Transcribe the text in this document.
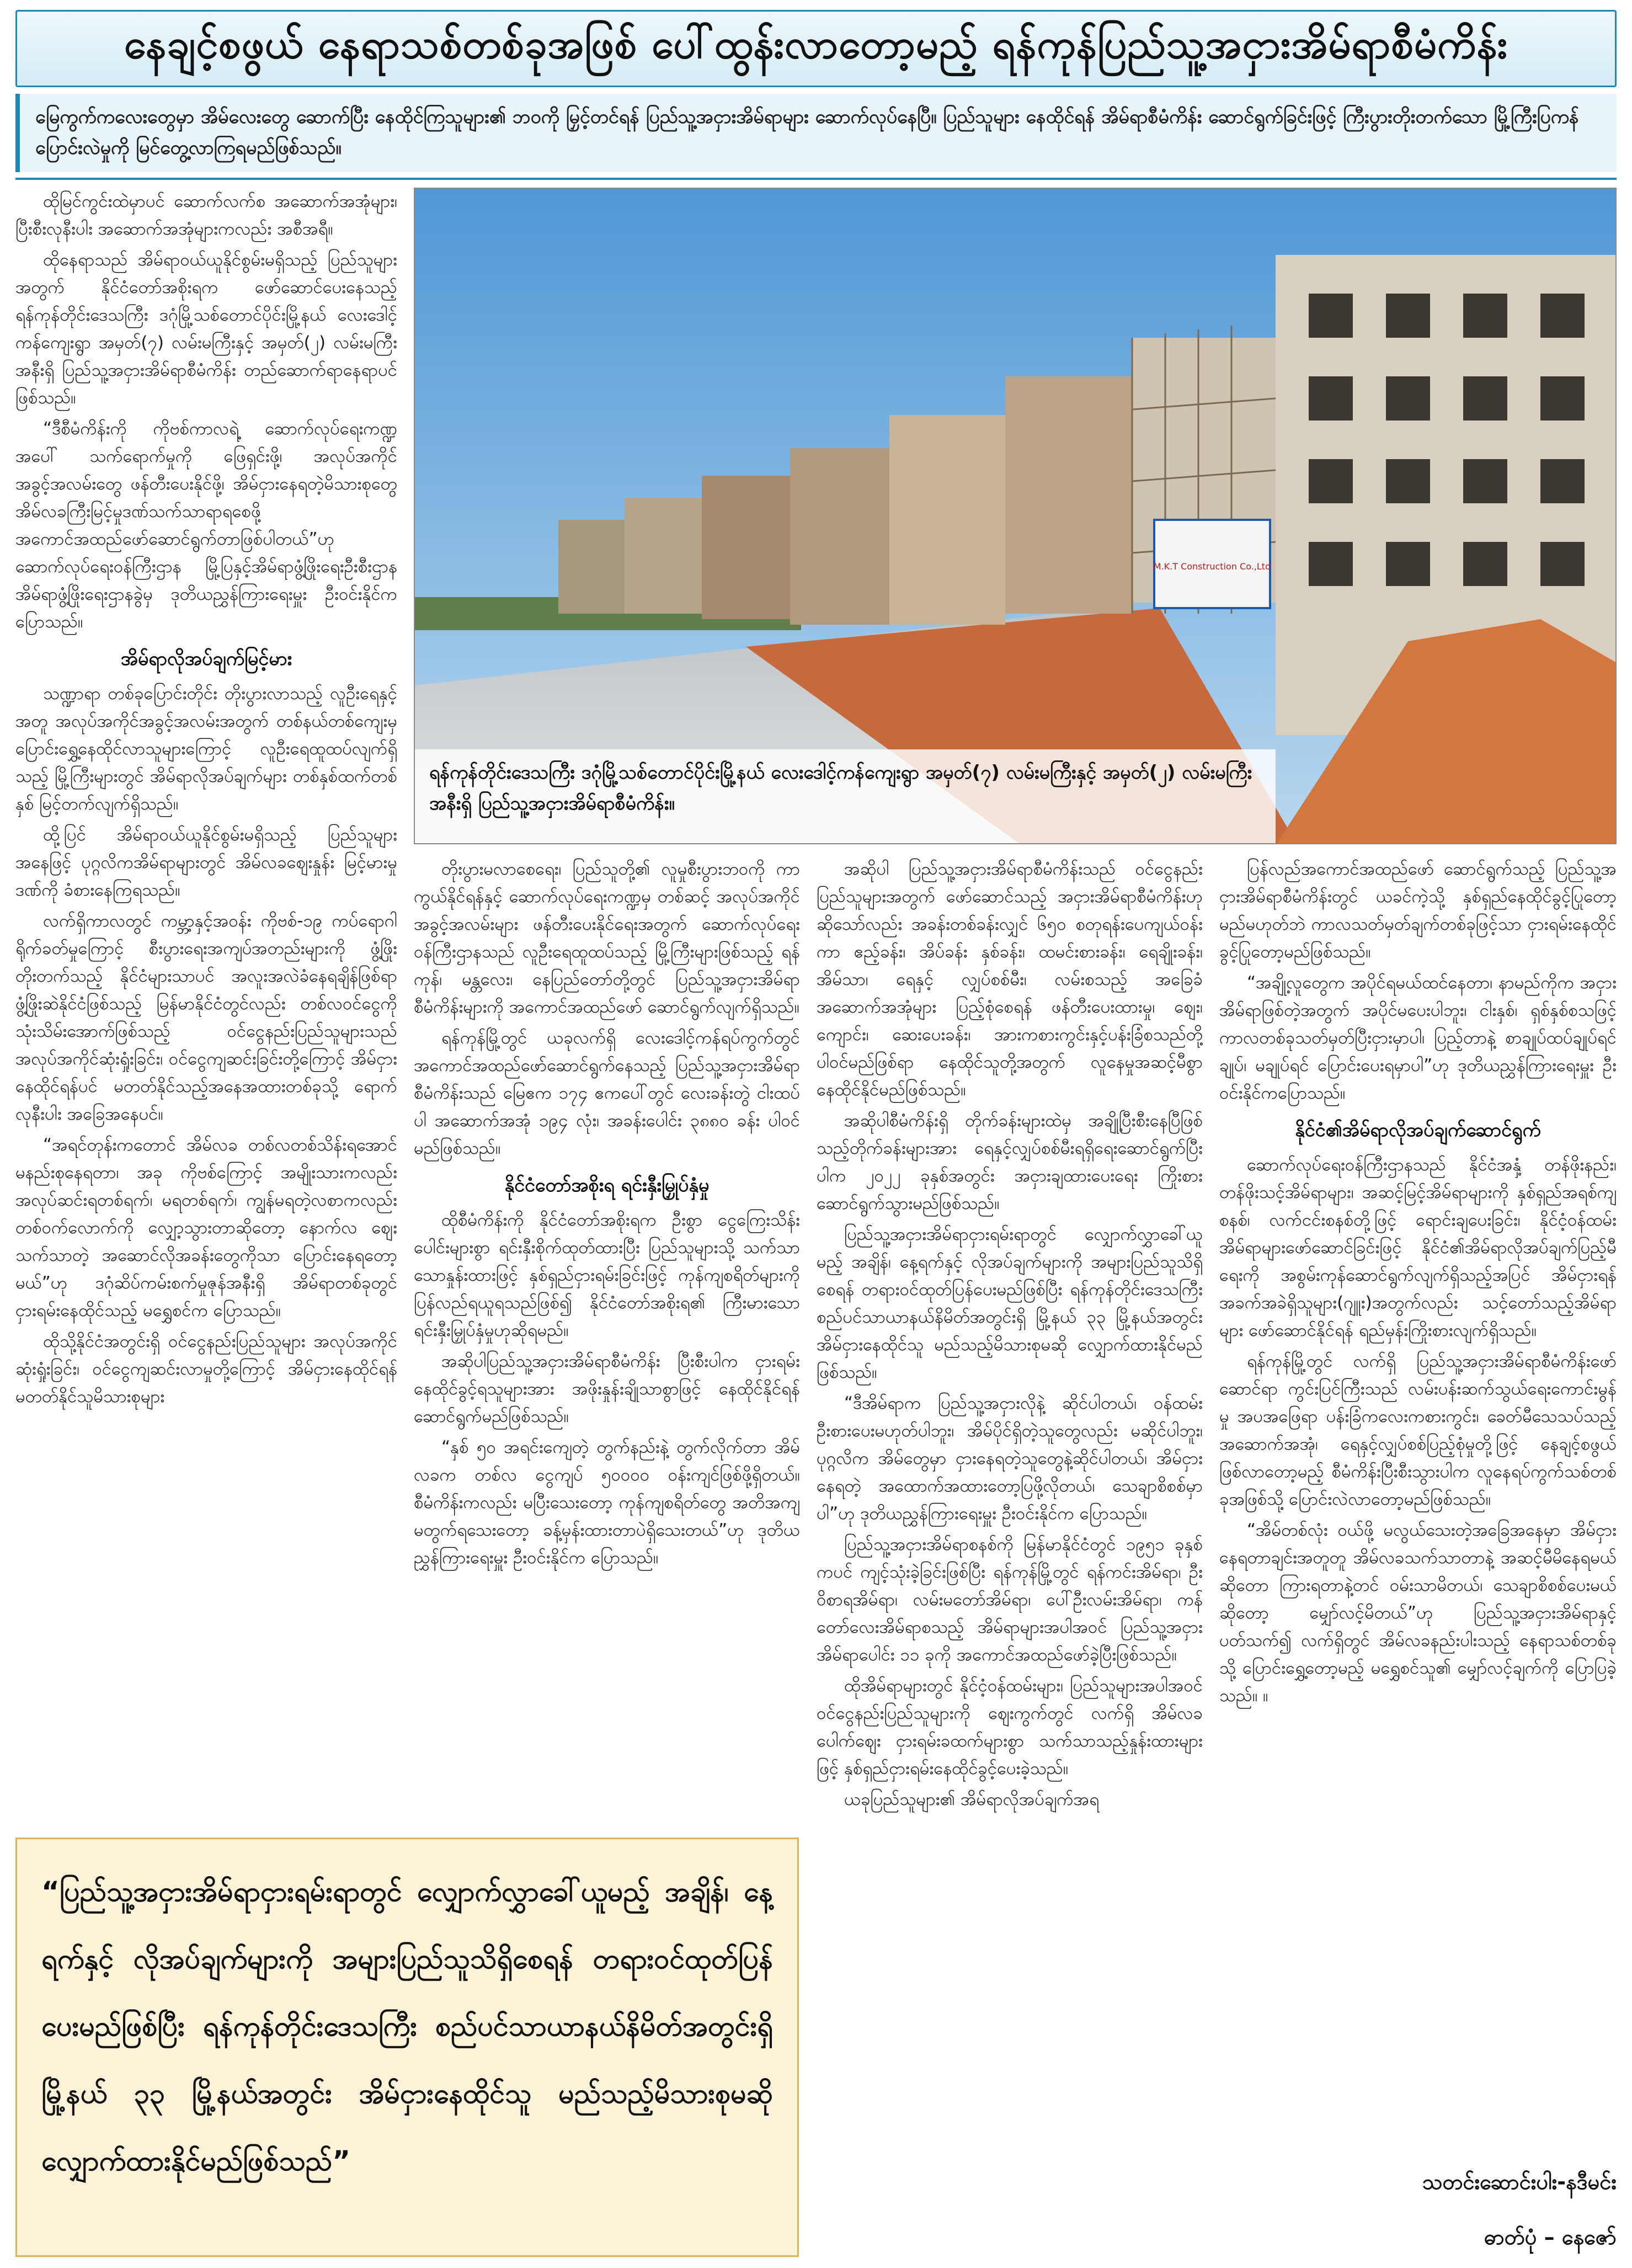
နေချင့်စဖွယ် နေရာသစ်တစ်ခုအဖြစ် ပေါ်ထွန်းလာတော့မည့် ရန်ကုန်ပြည်သူ့အငှားအိမ်ရာစီမံကိန်း
မြေကွက်ကလေးတွေမှာ အိမ်လေးတွေ ဆောက်ပြီး နေထိုင်ကြသူများ၏ ဘဝကို မြှင့်တင်ရန် ပြည်သူ့အငှားအိမ်ရာများ ဆောက်လုပ်နေပြီ။ ပြည်သူများ နေထိုင်ရန် အိမ်ရာစီမံကိန်း ဆောင်ရွက်ခြင်းဖြင့် ကြီးပွားတိုးတက်သော မြို့ကြီးပြကန်ပြောင်းလဲမှုကို မြင်တွေ့လာကြရမည်ဖြစ်သည်။

ထိုမြင်ကွင်းထဲမှာပင် ဆောက်လက်စ အဆောက်အအုံများ၊ ပြီးစီးလုနီးပါး အဆောက်အအုံများကလည်း အစီအရီ။

ထိုနေရာသည် အိမ်ရာဝယ်ယူနိုင်စွမ်းမရှိသည့် ပြည်သူများအတွက် နိုင်ငံတော်အစိုးရက ဖော်ဆောင်ပေးနေသည့် ရန်ကုန်တိုင်းဒေသကြီး ဒဂုံမြို့သစ်တောင်ပိုင်းမြို့နယ် လေးဒေါင့်ကန်ကျေးရွာ အမှတ်(၇) လမ်းမကြီးနှင့် အမှတ်(၂) လမ်းမကြီးအနီးရှိ ပြည်သူ့အငှားအိမ်ရာစီမံကိန်း တည်ဆောက်ရာနေရာပင်ဖြစ်သည်။

“ဒီစီမံကိန်းကို ကိုဗစ်ကာလရဲ့ ဆောက်လုပ်ရေးကဏ္ဍအပေါ် သက်ရောက်မှုကို ဖြေရှင်းဖို့၊ အလုပ်အကိုင်အခွင့်အလမ်းတွေ ဖန်တီးပေးနိုင်ဖို့၊ အိမ်ငှားနေရတဲ့မိသားစုတွေ အိမ်လခကြီးမြင့်မှုဒဏ်သက်သာရာရစေဖို့ အကောင်အထည်ဖော်ဆောင်ရွက်တာဖြစ်ပါတယ်”ဟု ဆောက်လုပ်ရေးဝန်ကြီးဌာန မြို့ပြနှင့်အိမ်ရာဖွံ့ဖြိုးရေးဦးစီးဌာန အိမ်ရာဖွံ့ဖြိုးရေးဌာနခွဲမှ ဒုတိယညွှန်ကြားရေးမှူး ဦးဝင်းနိုင်က ပြောသည်။

အိမ်ရာလိုအပ်ချက်မြင့်မား

သဏ္ဍာရာ တစ်ခုပြောင်းတိုင်း တိုးပွားလာသည့် လူဦးရေနှင့်အတူ အလုပ်အကိုင်အခွင့်အလမ်းအတွက် တစ်နယ်တစ်ကျေးမှ ပြောင်းရွှေ့နေထိုင်လာသူများကြောင့် လူဦးရေထူထပ်လျက်ရှိသည့် မြို့ကြီးများတွင် အိမ်ရာလိုအပ်ချက်များ တစ်နှစ်ထက်တစ်နှစ် မြင့်တက်လျက်ရှိသည်။

ထို့ပြင် အိမ်ရာဝယ်ယူနိုင်စွမ်းမရှိသည့် ပြည်သူများအနေဖြင့် ပုဂ္ဂလိကအိမ်ရာများတွင် အိမ်လခဈေးနှုန်း မြင့်မားမှုဒဏ်ကို ခံစားနေကြရသည်။

လက်ရှိကာလတွင် ကမ္ဘာ့နှင့်အဝန်း ကိုဗစ်-၁၉ ကပ်ရောဂါရိုက်ခတ်မှုကြောင့် စီးပွားရေးအကျပ်အတည်းများကို ဖွံ့ဖြိုးတိုးတက်သည့် နိုင်ငံများသာပင် အလူးအလဲခံနေရချိန်ဖြစ်ရာ ဖွံ့ဖြိုးဆဲနိုင်ငံဖြစ်သည့် မြန်မာနိုင်ငံတွင်လည်း တစ်လဝင်ငွေကိုသုံးသိမ်းအောက်ဖြစ်သည့် ဝင်ငွေနည်းပြည်သူများသည် အလုပ်အကိုင်ဆုံးရှုံးခြင်း၊ ဝင်ငွေကျဆင်းခြင်းတို့ကြောင့် အိမ်ငှားနေထိုင်ရန်ပင် မတတ်နိုင်သည့်အနေအထားတစ်ခုသို့ ရောက်လုနီးပါး အခြေအနေပင်။

“အရင်တုန်းကတောင် အိမ်လခ တစ်လတစ်သိန်းရအောင် မနည်းစုနေရတာ၊ အခု ကိုဗစ်ကြောင့် အမျိုးသားကလည်း အလုပ်ဆင်းရတစ်ရက်၊ မရတစ်ရက်၊ ကျွန်မရတဲ့လစာကလည်း တစ်ဝက်လောက်ကို လျှော့သွားတာဆိုတော့ နောက်လ ဈေးသက်သာတဲ့ အဆောင်လိုအခန်းတွေကိုသာ ပြောင်းနေရတော့မယ်”ဟု ဒဂုံဆိပ်ကမ်းစက်မှုဇုန်အနီးရှိ အိမ်ရာတစ်ခုတွင် ငှားရမ်းနေထိုင်သည့် မရွှေစင်က ပြောသည်။

ထိုသို့နိုင်ငံအတွင်းရှိ ဝင်ငွေနည်းပြည်သူများ အလုပ်အကိုင်ဆုံးရှုံးခြင်း၊ ဝင်ငွေကျဆင်းလာမှုတို့ကြောင့် အိမ်ငှားနေထိုင်ရန် မတတ်နိုင်သူမိသားစုများ

M.K.T Construction Co.,Ltd
ရန်ကုန်တိုင်းဒေသကြီး ဒဂုံမြို့သစ်တောင်ပိုင်းမြို့နယ် လေးဒေါင့်ကန်ကျေးရွာ အမှတ်(၇) လမ်းမကြီးနှင့် အမှတ်(၂) လမ်းမကြီးအနီးရှိ ပြည်သူ့အငှားအိမ်ရာစီမံကိန်း။

တိုးပွားမလာစေရေး၊ ပြည်သူတို့၏ လူမှုစီးပွားဘဝကို ကာကွယ်နိုင်ရန်နှင့် ဆောက်လုပ်ရေးကဏ္ဍမှ တစ်ဆင့် အလုပ်အကိုင်အခွင့်အလမ်းများ ဖန်တီးပေးနိုင်ရေးအတွက် ဆောက်လုပ်ရေးဝန်ကြီးဌာနသည် လူဦးရေထူထပ်သည့် မြို့ကြီးများဖြစ်သည့် ရန်ကုန်၊ မန္တလေး၊ နေပြည်တော်တို့တွင် ပြည်သူ့အငှားအိမ်ရာစီမံကိန်းများကို အကောင်အထည်ဖော် ဆောင်ရွက်လျက်ရှိသည်။

ရန်ကုန်မြို့တွင် ယခုလက်ရှိ လေးဒေါင့်ကန်ရပ်ကွက်တွင် အကောင်အထည်ဖော်ဆောင်ရွက်နေသည့် ပြည်သူ့အငှားအိမ်ရာစီမံကိန်းသည် မြေဧက ၁၇၄ ဧကပေါ်တွင် လေးခန်းတွဲ ငါးထပ်ပါ အဆောက်အအုံ ၁၉၄ လုံး၊ အခန်းပေါင်း ၃၈၈၀ ခန်း ပါဝင်မည်ဖြစ်သည်။

နိုင်ငံတော်အစိုးရ ရင်းနှီးမြှုပ်နှံမှု

ထိုစီမံကိန်းကို နိုင်ငံတော်အစိုးရက ဦးစွာ ငွေကြေးသိန်းပေါင်းများစွာ ရင်းနှီးစိုက်ထုတ်ထားပြီး ပြည်သူများသို့ သက်သာသောနှုန်းထားဖြင့် နှစ်ရှည်ငှားရမ်းခြင်းဖြင့် ကုန်ကျစရိတ်များကို ပြန်လည်ရယူရသည်ဖြစ်၍ နိုင်ငံတော်အစိုးရ၏ ကြီးမားသော ရင်းနှီးမြှုပ်နှံမှုဟုဆိုရမည်။

အဆိုပါပြည်သူ့အငှားအိမ်ရာစီမံကိန်း ပြီးစီးပါက ငှားရမ်းနေထိုင်ခွင့်ရသူများအား အဖိုးနှုန်းချိုသာစွာဖြင့် နေထိုင်နိုင်ရန် ဆောင်ရွက်မည်ဖြစ်သည်။

“နှစ် ၅၀ အရင်းကျေတဲ့ တွက်နည်းနဲ့ တွက်လိုက်တာ အိမ်လခက တစ်လ ငွေကျပ် ၅၀၀၀၀ ဝန်းကျင်ဖြစ်ဖို့ရှိတယ်။ စီမံကိန်းကလည်း မပြီးသေးတော့ ကုန်ကျစရိတ်တွေ အတိအကျမတွက်ရသေးတော့ ခန့်မှန်းထားတာပဲရှိသေးတယ်”ဟု ဒုတိယညွှန်ကြားရေးမှူး ဦးဝင်းနိုင်က ပြောသည်။

အဆိုပါ ပြည်သူ့အငှားအိမ်ရာစီမံကိန်းသည် ဝင်ငွေနည်းပြည်သူများအတွက် ဖော်ဆောင်သည့် အငှားအိမ်ရာစီမံကိန်းဟုဆိုသော်လည်း အခန်းတစ်ခန်းလျှင် ၆၅၀ စတုရန်းပေကျယ်ဝန်းကာ ဧည့်ခန်း၊ အိပ်ခန်း နှစ်ခန်း၊ ထမင်းစားခန်း၊ ရေချိုးခန်း၊ အိမ်သာ၊ ရေနှင့် လျှပ်စစ်မီး၊ လမ်းစသည့် အခြေခံအဆောက်အအုံများ ပြည့်စုံစေရန် ဖန်တီးပေးထားမှု၊ ဈေး၊ ကျောင်း၊ ဆေးပေးခန်း၊ အားကစားကွင်းနှင့်ပန်းခြံစသည်တို့ ပါဝင်မည်ဖြစ်ရာ နေထိုင်သူတို့အတွက် လူနေမှုအဆင့်မီစွာ နေထိုင်နိုင်မည်ဖြစ်သည်။

အဆိုပါစီမံကိန်းရှိ တိုက်ခန်းများထဲမှ အချို့ပြီးစီးနေပြီဖြစ်သည့်တိုက်ခန်းများအား ရေနှင့်လျှပ်စစ်မီးရရှိရေးဆောင်ရွက်ပြီးပါက ၂၀၂၂ ခုနှစ်အတွင်း အငှားချထားပေးရေး ကြိုးစားဆောင်ရွက်သွားမည်ဖြစ်သည်။

ပြည်သူ့အငှားအိမ်ရာငှားရမ်းရာတွင် လျှောက်လွှာခေါ်ယူမည့် အချိန်၊ နေ့ရက်နှင့် လိုအပ်ချက်များကို အများပြည်သူသိရှိစေရန် တရားဝင်ထုတ်ပြန်ပေးမည်ဖြစ်ပြီး ရန်ကုန်တိုင်းဒေသကြီး စည်ပင်သာယာနယ်နိမိတ်အတွင်းရှိ မြို့နယ် ၃၃ မြို့နယ်အတွင်း အိမ်ငှားနေထိုင်သူ မည်သည့်မိသားစုမဆို လျှောက်ထားနိုင်မည်ဖြစ်သည်။

“ဒီအိမ်ရာက ပြည်သူ့အငှားလိုနဲ့ ဆိုင်ပါတယ်၊ ဝန်ထမ်းဦးစားပေးမဟုတ်ပါဘူး၊ အိမ်ပိုင်ရှိတဲ့သူတွေလည်း မဆိုင်ပါဘူး၊ ပုဂ္ဂလိက အိမ်တွေမှာ ငှားနေရတဲ့သူတွေနဲ့ဆိုင်ပါတယ်၊ အိမ်ငှားနေရတဲ့ အထောက်အထားတော့ပြဖို့လိုတယ်၊ သေချာစိစစ်မှာပါ”ဟု ဒုတိယညွှန်ကြားရေးမှူး ဦးဝင်းနိုင်က ပြောသည်။

ပြည်သူ့အငှားအိမ်ရာစနစ်ကို မြန်မာနိုင်ငံတွင် ၁၉၅၁ ခုနှစ်ကပင် ကျင့်သုံးခဲ့ခြင်းဖြစ်ပြီး ရန်ကုန်မြို့တွင် ရန်ကင်းအိမ်ရာ၊ ဦးဝိစာရအိမ်ရာ၊ လမ်းမတော်အိမ်ရာ၊ ပေါ်ဦးလမ်းအိမ်ရာ၊ ကန်တော်လေးအိမ်ရာစသည့် အိမ်ရာများအပါအဝင် ပြည်သူ့အငှားအိမ်ရာပေါင်း ၁၁ ခုကို အကောင်အထည်ဖော်ခဲ့ပြီးဖြစ်သည်။

ထိုအိမ်ရာများတွင် နိုင်ငံ့ဝန်ထမ်းများ၊ ပြည်သူများအပါအဝင် ဝင်ငွေနည်းပြည်သူများကို ဈေးကွက်တွင် လက်ရှိ အိမ်လခပေါက်ဈေး ငှားရမ်းခထက်များစွာ သက်သာသည့်နှုန်းထားများဖြင့် နှစ်ရှည်ငှားရမ်းနေထိုင်ခွင့်ပေးခဲ့သည်။

ယခုပြည်သူများ၏ အိမ်ရာလိုအပ်ချက်အရ

ပြန်လည်အကောင်အထည်ဖော် ဆောင်ရွက်သည့် ပြည်သူ့အငှားအိမ်ရာစီမံကိန်းတွင် ယခင်ကဲ့သို့ နှစ်ရှည်နေထိုင်ခွင့်ပြုတော့မည်မဟုတ်ဘဲ ကာလသတ်မှတ်ချက်တစ်ခုဖြင့်သာ ငှားရမ်းနေထိုင်ခွင့်ပြုတော့မည်ဖြစ်သည်။

“အချို့လူတွေက အပိုင်ရမယ်ထင်နေတာ၊ နာမည်ကိုက အငှားအိမ်ရာဖြစ်တဲ့အတွက် အပိုင်မပေးပါဘူး၊ ငါးနှစ်၊ ရှစ်နှစ်စသဖြင့် ကာလတစ်ခုသတ်မှတ်ပြီးငှားမှာပါ၊ ပြည့်တာနဲ့ စာချုပ်ထပ်ချုပ်ရင် ချုပ်၊ မချုပ်ရင် ပြောင်းပေးရမှာပါ”ဟု ဒုတိယညွှန်ကြားရေးမှူး ဦးဝင်းနိုင်ကပြောသည်။

နိုင်ငံ၏အိမ်ရာလိုအပ်ချက်ဆောင်ရွက်

ဆောက်လုပ်ရေးဝန်ကြီးဌာနသည် နိုင်ငံအနှံ့ တန်ဖိုးနည်း၊ တန်ဖိုးသင့်အိမ်ရာများ၊ အဆင့်မြင့်အိမ်ရာများကို နှစ်ရှည်အရစ်ကျစနစ်၊ လက်ငင်းစနစ်တို့ဖြင့် ရောင်းချပေးခြင်း၊ နိုင်ငံ့ဝန်ထမ်းအိမ်ရာများဖော်ဆောင်ခြင်းဖြင့် နိုင်ငံ၏အိမ်ရာလိုအပ်ချက်ပြည့်မီရေးကို အစွမ်းကုန်ဆောင်ရွက်လျက်ရှိသည့်အပြင် အိမ်ငှားရန်အခက်အခဲရှိသူများ(ဂျူး)အတွက်လည်း သင့်တော်သည့်အိမ်ရာများ ဖော်ဆောင်နိုင်ရန် ရည်မှန်းကြိုးစားလျက်ရှိသည်။

ရန်ကုန်မြို့တွင် လက်ရှိ ပြည်သူ့အငှားအိမ်ရာစီမံကိန်းဖော်ဆောင်ရာ ကွင်းပြင်ကြီးသည် လမ်းပန်းဆက်သွယ်ရေးကောင်းမွန်မှု အပအဖြေရာ ပန်းခြံကလေးကစားကွင်း၊ ခေတ်မီသေသပ်သည့်အဆောက်အအုံ၊ ရေနှင့်လျှပ်စစ်ပြည့်စုံမှုတို့ဖြင့် နေချင့်စဖွယ်ဖြစ်လာတော့မည့် စီမံကိန်းပြီးစီးသွားပါက လူနေရပ်ကွက်သစ်တစ်ခုအဖြစ်သို့ ပြောင်းလဲလာတော့မည်ဖြစ်သည်။

“အိမ်တစ်လုံး ဝယ်ဖို့ မလွယ်သေးတဲ့အခြေအနေမှာ အိမ်ငှားနေရတာချင်းအတူတူ အိမ်လခသက်သာတာနဲ့ အဆင့်မီမိနေရမယ်ဆိုတော ကြားရတာနဲ့တင် ဝမ်းသာမိတယ်၊ သေချာစိစစ်ပေးမယ်ဆိုတော့ မျှော်လင့်မိတယ်”ဟု ပြည်သူ့အငှားအိမ်ရာနှင့်ပတ်သက်၍ လက်ရှိတွင် အိမ်လခနည်းပါးသည့် နေရာသစ်တစ်ခုသို့ ပြောင်းရွှေ့တော့မည့် မရွှေစင်သူ၏ မျှော်လင့်ချက်ကို ပြောပြခဲ့သည်။ ။

“ပြည်သူ့အငှားအိမ်ရာငှားရမ်းရာတွင် လျှောက်လွှာခေါ်ယူမည့် အချိန်၊ နေ့ရက်နှင့် လိုအပ်ချက်များကို အများပြည်သူသိရှိစေရန် တရားဝင်ထုတ်ပြန်ပေးမည်ဖြစ်ပြီး ရန်ကုန်တိုင်းဒေသကြီး စည်ပင်သာယာနယ်နိမိတ်အတွင်းရှိ မြို့နယ် ၃၃ မြို့နယ်အတွင်း အိမ်ငှားနေထိုင်သူ မည်သည့်မိသားစုမဆို လျှောက်ထားနိုင်မည်ဖြစ်သည်”
သတင်းဆောင်းပါး-နဒီမင်း
ဓာတ်ပုံ – နေဇော်
